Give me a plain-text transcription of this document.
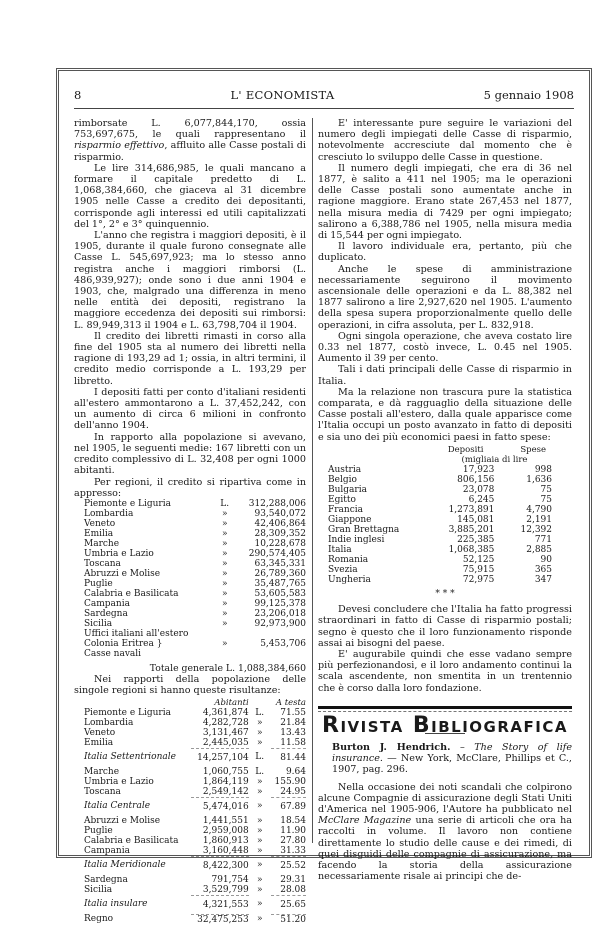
8	L' ECONOMISTA	5 gennaio 1908

rimborsate L. 6,077,844,170, ossia 753,697,675, le quali rappresentano il risparmio effettivo, affluito alle Casse postali di risparmio.

Le lire 314,686,985, le quali mancano a formare il capitale predetto di L. 1,068,384,660, che giaceva al 31 dicembre 1905 nelle Casse a credito dei depositanti, corrisponde agli interessi ed utili capitalizzati del 1°, 2° e 3° quinquennio.

L'anno che registra i maggiori depositi, è il 1905, durante il quale furono consegnate alle Casse L. 545,697,923; ma lo stesso anno registra anche i maggiori rimborsi (L. 486,939,927); onde sono i due anni 1904 e 1903, che, malgrado una differenza in meno nelle entità dei depositi, registrano la maggiore eccedenza dei depositi sui rimborsi: L. 89,949,313 il 1904 e L. 63,798,704 il 1904.

Il credito dei libretti rimasti in corso alla fine del 1905 sta al numero dei libretti nella ragione di 193,29 ad 1; ossia, in altri termini, il credito medio corrisponde a L. 193,29 per libretto.

I depositi fatti per conto d'italiani residenti all'estero ammontarono a L. 37,452,242, con un aumento di circa 6 milioni in confronto dell'anno 1904.

In rapporto alla popolazione si avevano, nel 1905, le seguenti medie: 167 libretti con un credito complessivo di L. 32,408 per ogni 1000 abitanti.

Per regioni, il credito si ripartiva come in appresso:

Piemonte e Liguria	L.	312,288,006
Lombardia	»	93,540,072
Veneto	»	42,406,864
Emilia	»	28,309,352
Marche	»	10,228,678
Umbria e Lazio	»	290,574,405
Toscana	»	63,345,331
Abruzzi e Molise	»	26,789,360
Puglie	»	35,487,765
Calabria e Basilicata	»	53,605,583
Campania	»	99,125,378
Sardegna	»	23,206,018
Sicilia	»	92,973,900
Uffici italiani all'estero		
Colonia Eritrea }	»	5,453,706
Casse navali		
Totale generale L. 1,088,384,660

Nei rapporti della popolazione delle singole regioni si hanno queste risultanze:

	Abitanti		A testa
Piemonte e Liguria	4,361,874	L.	71.55
Lombardia	4,282,728	»	21.84
Veneto	3,131,467	»	13.43
Emilia	2,445,035	»	11.58
Italia Settentrionale	14,257,104	L.	81.44
Marche	1,060,755	L.	9.64
Umbria e Lazio	1,864,119	»	155.90
Toscana	2,549,142	»	24.95
Italia Centrale	5,474,016	»	67.89
Abruzzi e Molise	1,441,551	»	18.54
Puglie	2,959,008	»	11.90
Calabria e Basilicata	1,860,913	»	27.80
Campania	3,160,448	»	31.33
Italia Meridionale	8,422,300	»	25.52
Sardegna	791,754	»	29.31
Sicilia	3,529,799	»	28.08
Italia insulare	4,321,553	»	25.65
Regno	32,475,253	»	51.20

E' interessante pure seguire le variazioni del numero degli impiegati delle Casse di risparmio, notevolmente accresciute dal momento che è cresciuto lo sviluppo delle Casse in questione.

Il numero degli impiegati, che era di 36 nel 1877, è salito a 411 nel 1905; ma le operazioni delle Casse postali sono aumentate anche in ragione maggiore. Erano state 267,453 nel 1877, nella misura media di 7429 per ogni impiegato; salirono a 6,388,786 nel 1905, nella misura media di 15,544 per ogni impiegato.

Il lavoro individuale era, pertanto, più che duplicato.

Anche le spese di amministrazione necessariamente seguirono il movimento ascensionale delle operazioni e da L. 88,382 nel 1877 salirono a lire 2,927,620 nel 1905. L'aumento della spesa supera proporzionalmente quello delle operazioni, in cifra assoluta, per L. 832,918.

Ogni singola operazione, che aveva costato lire 0.33 nel 1877, costò invece, L. 0.45 nel 1905. Aumento il 39 per cento.

Tali i dati principali delle Casse di risparmio in Italia.

Ma la relazione non trascura pure la statistica comparata, e dà ragguaglio della situazione delle Casse postali all'estero, dalla quale apparisce come l'Italia occupi un posto avanzato in fatto di depositi e sia uno dei più economici paesi in fatto spese:

	Depositi	Spese
	(migliaia di lire	
Austria	17,923	998
Belgio	806,156	1,636
Bulgaria	23,078	75
Egitto	6,245	75
Francia	1,273,891	4,790
Giappone	145,081	2,191
Gran Brettagna	3,885,201	12,392
Indie inglesi	225,385	771
Italia	1,068,385	2,885
Romania	52,125	90
Svezia	75,915	365
Ungheria	72,975	347
* * *

Devesi concludere che l'Italia ha fatto progressi straordinari in fatto di Casse di risparmio postali; segno è questo che il loro funzionamento risponde assai ai bisogni del paese.

E' augurabile quindi che esse vadano sempre più perfezionandosi, e il loro andamento continui la scala ascendente, non smentita in un trentennio che è corso dalla loro fondazione.

Rivista Bibliografica

Burton J. Hendrich. – The Story of life insurance. — New York, McClare, Phillips et C., 1907, pag. 296.

Nella occasione dei noti scandali che colpirono alcune Compagnie di assicurazione degli Stati Uniti d'America nel 1905-906, l'Autore ha pubblicato nel McClare Magazine una serie di articoli che ora ha raccolti in volume. Il lavoro non contiene direttamente lo studio delle cause e dei rimedi, di quei disguidi delle compagnie di assicurazione, ma facendo la storia della assicurazione necessariamente risale ai principi che de-
